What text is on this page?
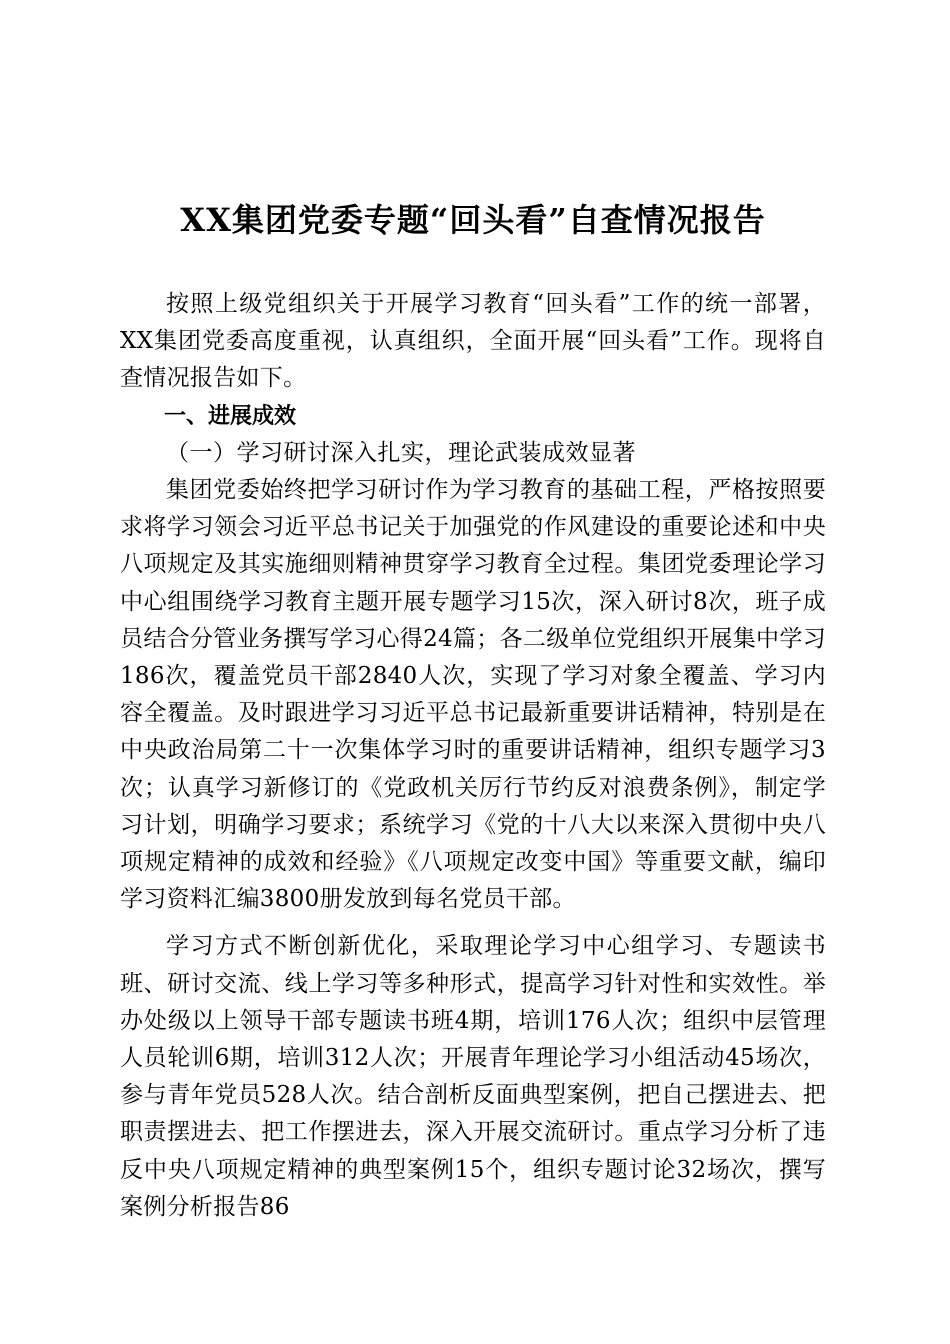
XX集团党委专题“回头看”自查情况报告

按照上级党组织关于开展学习教育“回头看”工作的统一部署，XX集团党委高度重视，认真组织，全面开展“回头看”工作。现将自查情况报告如下。

一、进展成效

（一）学习研讨深入扎实，理论武装成效显著

集团党委始终把学习研讨作为学习教育的基础工程，严格按照要求将学习领会习近平总书记关于加强党的作风建设的重要论述和中央八项规定及其实施细则精神贯穿学习教育全过程。集团党委理论学习中心组围绕学习教育主题开展专题学习15次，深入研讨8次，班子成员结合分管业务撰写学习心得24篇；各二级单位党组织开展集中学习186次，覆盖党员干部2840人次，实现了学习对象全覆盖、学习内容全覆盖。及时跟进学习习近平总书记最新重要讲话精神，特别是在中央政治局第二十一次集体学习时的重要讲话精神，组织专题学习3次；认真学习新修订的《党政机关厉行节约反对浪费条例》，制定学习计划，明确学习要求；系统学习《党的十八大以来深入贯彻中央八项规定精神的成效和经验》《八项规定改变中国》等重要文献，编印学习资料汇编3800册发放到每名党员干部。

学习方式不断创新优化，采取理论学习中心组学习、专题读书班、研讨交流、线上学习等多种形式，提高学习针对性和实效性。举办处级以上领导干部专题读书班4期，培训176人次；组织中层管理人员轮训6期，培训312人次；开展青年理论学习小组活动45场次，参与青年党员528人次。结合剖析反面典型案例，把自己摆进去、把职责摆进去、把工作摆进去，深入开展交流研讨。重点学习分析了违反中央八项规定精神的典型案例15个，组织专题讨论32场次，撰写案例分析报告86
